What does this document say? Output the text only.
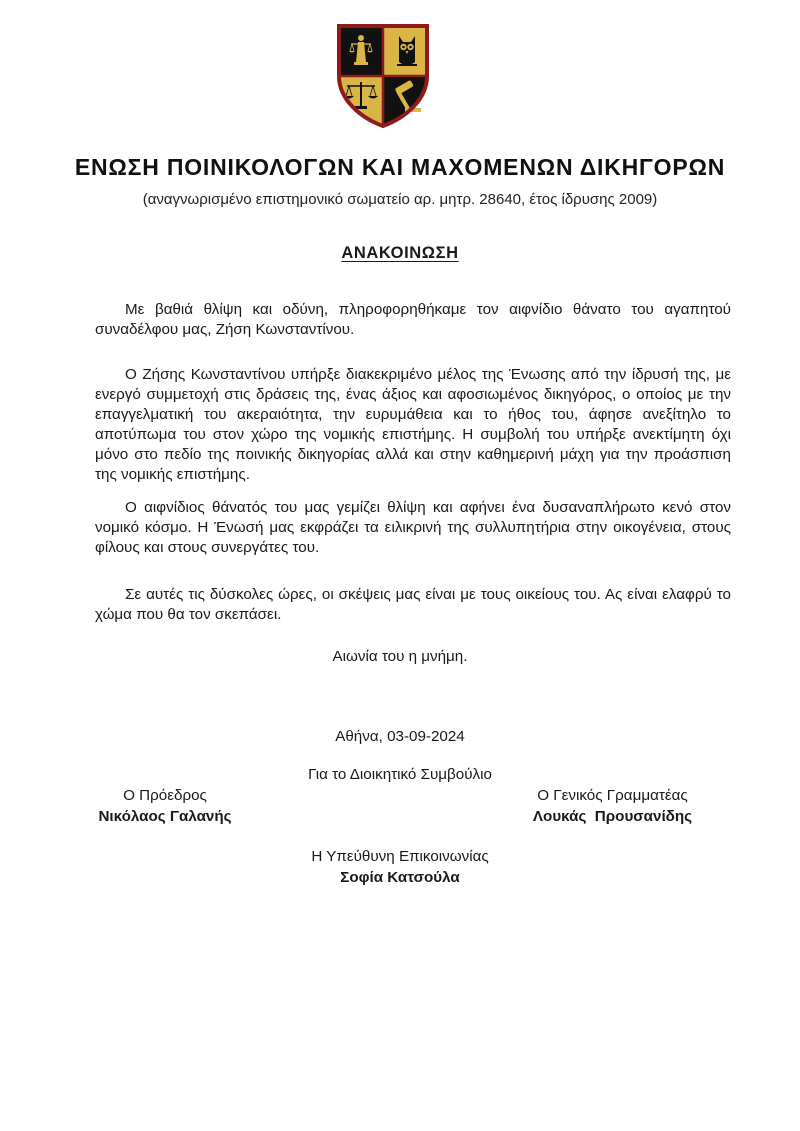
ΕΝΩΣΗ ΠΟΙΝΙΚΟΛΟΓΩΝ ΚΑΙ ΜΑΧΟΜΕΝΩΝ ΔΙΚΗΓΟΡΩΝ
(αναγνωρισμένο επιστημονικό σωματείο αρ. μητρ. 28640, έτος ίδρυσης 2009)
ΑΝΑΚΟΙΝΩΣΗ

Με βαθιά θλίψη και οδύνη, πληροφορηθήκαμε τον αιφνίδιο θάνατο του αγαπητού συναδέλφου μας, Ζήση Κωνσταντίνου.

Ο Ζήσης Κωνσταντίνου υπήρξε διακεκριμένο μέλος της Ένωσης από την ίδρυσή της, με ενεργό συμμετοχή στις δράσεις της, ένας άξιος και αφοσιωμένος δικηγόρος, ο οποίος με την επαγγελματική του ακεραιότητα, την ευρυμάθεια και το ήθος του, άφησε ανεξίτηλο το αποτύπωμα του στον χώρο της νομικής επιστήμης. Η συμβολή του υπήρξε ανεκτίμητη όχι μόνο στο πεδίο της ποινικής δικηγορίας αλλά και στην καθημερινή μάχη για την προάσπιση της νομικής επιστήμης.

Ο αιφνίδιος θάνατός του μας γεμίζει θλίψη και αφήνει ένα δυσαναπλήρωτο κενό στον νομικό κόσμο. Η Ένωσή μας εκφράζει τα ειλικρινή της συλλυπητήρια στην οικογένεια, στους φίλους και στους συνεργάτες του.

Σε αυτές τις δύσκολες ώρες, οι σκέψεις μας είναι με τους οικείους του. Ας είναι ελαφρύ το χώμα που θα τον σκεπάσει.

Αιωνία του η μνήμη.
Αθήνα, 03-09-2024
Για το Διοικητικό Συμβούλιο
Ο Πρόεδρος
Νικόλαος Γαλανής
Ο Γενικός Γραμματέας
Λουκάς  Προυσανίδης
Η Υπεύθυνη Επικοινωνίας
Σοφία Κατσούλα
